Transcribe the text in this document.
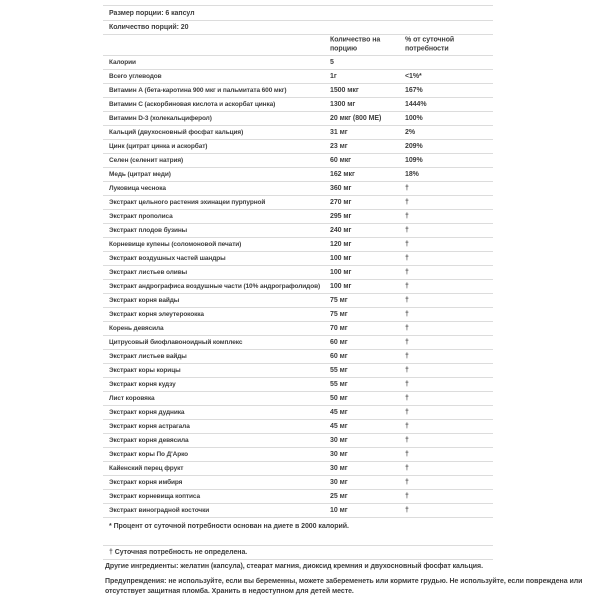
Размер порции: 6 капсул
Количество порций: 20
Количество на порцию
% от суточной потребности
Калории	5
Всего углеводов	1г	<1%*
Витамин А (бета-каротина 900 мкг и пальмитата 600 мкг)	1500 мкг	167%
Витамин С (аскорбиновая кислота и аскорбат цинка)	1300 мг	1444%
Витамин D-3 (холекальциферол)	20 мкг (800 МЕ)	100%
Кальций (двухосновный фосфат кальция)	31 мг	2%
Цинк (цитрат цинка и аскорбат)	23 мг	209%
Селен (селенит натрия)	60 мкг	109%
Медь (цитрат меди)	162 мкг	18%
Луковица чеснока	360 мг	†
Экстракт цельного растения эхинацеи пурпурной	270 мг	†
Экстракт прополиса	295 мг	†
Экстракт плодов бузины	240 мг	†
Корневище купены (соломоновой печати)	120 мг	†
Экстракт воздушных частей шандры	100 мг	†
Экстракт листьев оливы	100 мг	†
Экстракт андрографиса воздушные части (10% андрографолидов)	100 мг	†
Экстракт корня вайды	75 мг	†
Экстракт корня элеутерококка	75 мг	†
Корень девясила	70 мг	†
Цитрусовый биофлавоноидный комплекс	60 мг	†
Экстракт листьев вайды	60 мг	†
Экстракт коры корицы	55 мг	†
Экстракт корня кудзу	55 мг	†
Лист коровяка	50 мг	†
Экстракт корня дудника	45 мг	†
Экстракт корня астрагала	45 мг	†
Экстракт корня девясила	30 мг	†
Экстракт коры По Д'Арко	30 мг	†
Кайенский перец фрукт	30 мг	†
Экстракт корня имбиря	30 мг	†
Экстракт корневища коптиса	25 мг	†
Экстракт виноградной косточки	10 мг	†
* Процент от суточной потребности основан на диете в 2000 калорий.
† Суточная потребность не определена.
Другие ингредиенты: желатин (капсула), стеарат магния, диоксид кремния и двухосновный фосфат кальция.
Предупреждения: не используйте, если вы беременны, можете забеременеть или кормите грудью. Не используйте, если повреждена или отсутствует защитная пломба. Хранить в недоступном для детей месте.
